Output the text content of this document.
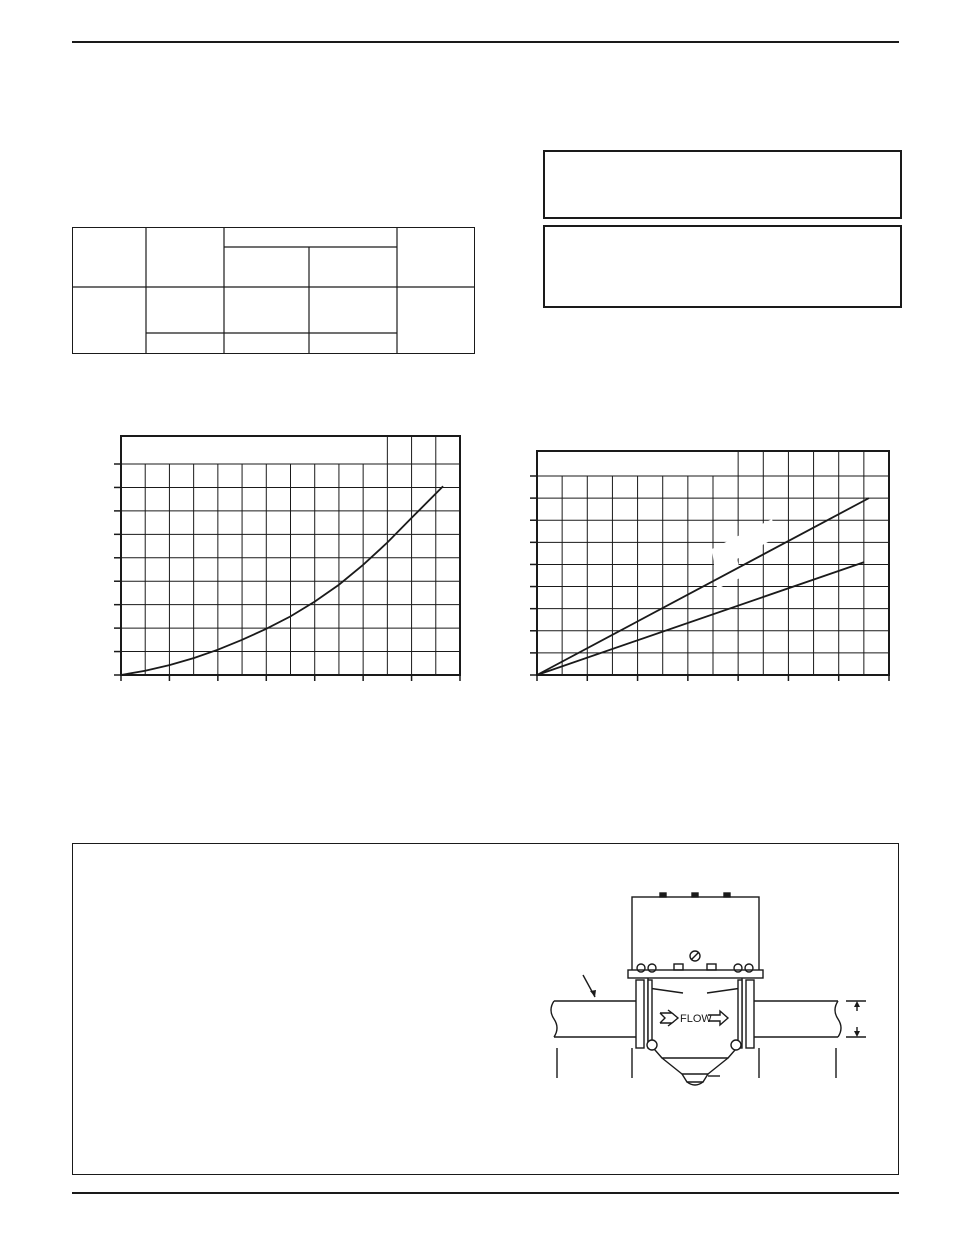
FLOW
